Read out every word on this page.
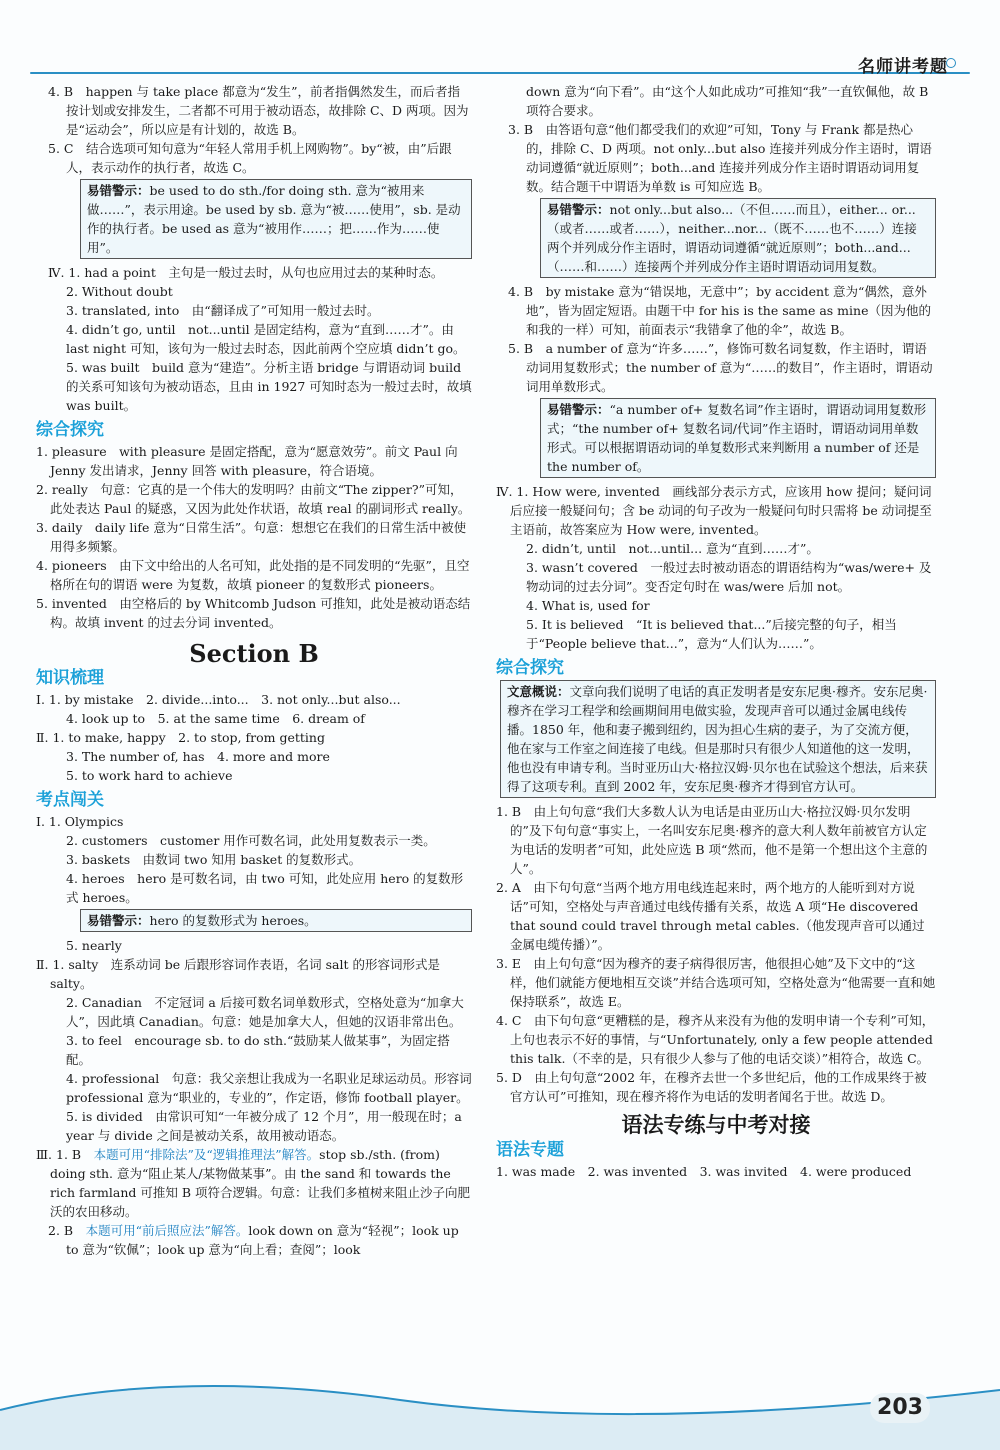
名师讲考题

4. B　happen 与 take place 都意为“发生”，前者指偶然发生，而后者指按计划或安排发生，二者都不可用于被动语态，故排除 C、D 两项。因为是“运动会”，所以应是有计划的，故选 B。

5. C　结合选项可知句意为“年轻人常用手机上网购物”。by“被，由”后跟人，表示动作的执行者，故选 C。

易错警示：be used to do sth./for doing sth. 意为“被用来做……”，表示用途。be used by sb. 意为“被……使用”，sb. 是动作的执行者。be used as 意为“被用作……；把……作为……使用”。

Ⅳ. 1. had a point　主句是一般过去时，从句也应用过去的某种时态。

2. Without doubt

3. translated, into　由“翻译成了”可知用一般过去时。

4. didn’t go, until　not...until 是固定结构，意为“直到……才”。由 last night 可知，该句为一般过去时态，因此前两个空应填 didn’t go。

5. was built　build 意为“建造”。分析主语 bridge 与谓语动词 build 的关系可知该句为被动语态，且由 in 1927 可知时态为一般过去时，故填 was built。

综合探究

1. pleasure　with pleasure 是固定搭配，意为“愿意效劳”。前文 Paul 向 Jenny 发出请求，Jenny 回答 with pleasure，符合语境。

2. really　句意：它真的是一个伟大的发明吗？由前文“The zipper?”可知，此处表达 Paul 的疑惑，又因为此处作状语，故填 real 的副词形式 really。

3. daily　daily life 意为“日常生活”。句意：想想它在我们的日常生活中被使用得多频繁。

4. pioneers　由下文中给出的人名可知，此处指的是不同发明的“先驱”，且空格所在句的谓语 were 为复数，故填 pioneer 的复数形式 pioneers。

5. invented　由空格后的 by Whitcomb Judson 可推知，此处是被动语态结构。故填 invent 的过去分词 invented。

Section B
知识梳理

Ⅰ. 1. by mistake　2. divide...into...　3. not only...but also...

4. look up to　5. at the same time　6. dream of

Ⅱ. 1. to make, happy　2. to stop, from getting

3. The number of, has　4. more and more

5. to work hard to achieve

考点闯关

Ⅰ. 1. Olympics

2. customers　customer 用作可数名词，此处用复数表示一类。

3. baskets　由数词 two 知用 basket 的复数形式。

4. heroes　hero 是可数名词，由 two 可知，此处应用 hero 的复数形式 heroes。

易错警示：hero 的复数形式为 heroes。

5. nearly

Ⅱ. 1. salty　连系动词 be 后跟形容词作表语，名词 salt 的形容词形式是 salty。

2. Canadian　不定冠词 a 后接可数名词单数形式，空格处意为“加拿大人”，因此填 Canadian。句意：她是加拿大人，但她的汉语非常出色。

3. to feel　encourage sb. to do sth.“鼓励某人做某事”，为固定搭配。

4. professional　句意：我父亲想让我成为一名职业足球运动员。形容词 professional 意为“职业的，专业的”，作定语，修饰 football player。

5. is divided　由常识可知“一年被分成了 12 个月”，用一般现在时；a year 与 divide 之间是被动关系，故用被动语态。

Ⅲ. 1. B　 本题可用“排除法”及“逻辑推理法”解答。stop sb./sth. (from) doing sth. 意为“阻止某人/某物做某事”。由 the sand 和 towards the rich farmland 可推知 B 项符合逻辑。句意：让我们多植树来阻止沙子向肥沃的农田移动。

2. B　 本题可用“前后照应法”解答。look down on 意为“轻视”；look up to 意为“钦佩”；look up 意为“向上看；查阅”；look

down 意为“向下看”。由“这个人如此成功”可推知“我”一直钦佩他，故 B 项符合要求。

3. B　由答语句意“他们都受我们的欢迎”可知，Tony 与 Frank 都是热心的，排除 C、D 两项。not only...but also 连接并列成分作主语时，谓语动词遵循“就近原则”；both...and 连接并列成分作主语时谓语动词用复数。结合题干中谓语为单数 is 可知应选 B。

易错警示：not only...but also...（不但……而且），either... or...（或者……或者……），neither...nor...（既不……也不……）连接两个并列成分作主语时，谓语动词遵循“就近原则”；both...and...（……和……）连接两个并列成分作主语时谓语动词用复数。

4. B　by mistake 意为“错误地，无意中”；by accident 意为“偶然，意外地”，皆为固定短语。由题干中 for his is the same as mine（因为他的和我的一样）可知，前面表示“我错拿了他的伞”，故选 B。

5. B　a number of 意为“许多……”，修饰可数名词复数，作主语时，谓语动词用复数形式；the number of 意为“……的数目”，作主语时，谓语动词用单数形式。

易错警示：“a number of+ 复数名词”作主语时，谓语动词用复数形式；“the number of+ 复数名词/代词”作主语时，谓语动词用单数形式。可以根据谓语动词的单复数形式来判断用 a number of 还是 the number of。

Ⅳ. 1. How were, invented　画线部分表示方式，应该用 how 提问；疑问词后应接一般疑问句；含 be 动词的句子改为一般疑问句时只需将 be 动词提至主语前，故答案应为 How were, invented。

2. didn’t, until　not...until... 意为“直到……才”。

3. wasn’t covered　一般过去时被动语态的谓语结构为“was/were+ 及物动词的过去分词”。变否定句时在 was/were 后加 not。

4. What is, used for

5. It is believed　“It is believed that...”后接完整的句子，相当于“People believe that...”，意为“人们认为……”。

综合探究
文意概说：文章向我们说明了电话的真正发明者是安东尼奥·穆齐。安东尼奥·穆齐在学习工程学和绘画期间用电做实验，发现声音可以通过金属电线传播。1850 年，他和妻子搬到纽约，因为担心生病的妻子，为了交流方便，他在家与工作室之间连接了电线。但是那时只有很少人知道他的这一发明，他也没有申请专利。当时亚历山大·格拉汉姆·贝尔也在试验这个想法，后来获得了这项专利。直到 2002 年，安东尼奥·穆齐才得到官方认可。

1. B　由上句句意“我们大多数人认为电话是由亚历山大·格拉汉姆·贝尔发明的”及下句句意“事实上，一名叫安东尼奥·穆齐的意大利人数年前被官方认定为电话的发明者”可知，此处应选 B 项“然而，他不是第一个想出这个主意的人”。

2. A　由下句句意“当两个地方用电线连起来时，两个地方的人能听到对方说话”可知，空格处与声音通过电线传播有关系，故选 A 项“He discovered that sound could travel through metal cables.（他发现声音可以通过金属电缆传播）”。

3. E　由上句句意“因为穆齐的妻子病得很厉害，他很担心她”及下文中的“这样，他们就能方便地相互交谈”并结合选项可知，空格处意为“他需要一直和她保持联系”，故选 E。

4. C　由下句句意“更糟糕的是，穆齐从来没有为他的发明申请一个专利”可知，上句也表示不好的事情，与“Unfortunately, only a few people attended this talk.（不幸的是，只有很少人参与了他的电话交谈）”相符合，故选 C。

5. D　由上句句意“2002 年，在穆齐去世一个多世纪后，他的工作成果终于被官方认可”可推知，现在穆齐将作为电话的发明者闻名于世。故选 D。

语法专练与中考对接
语法专题

1. was made　2. was invented　3. was invited　4. were produced

203
